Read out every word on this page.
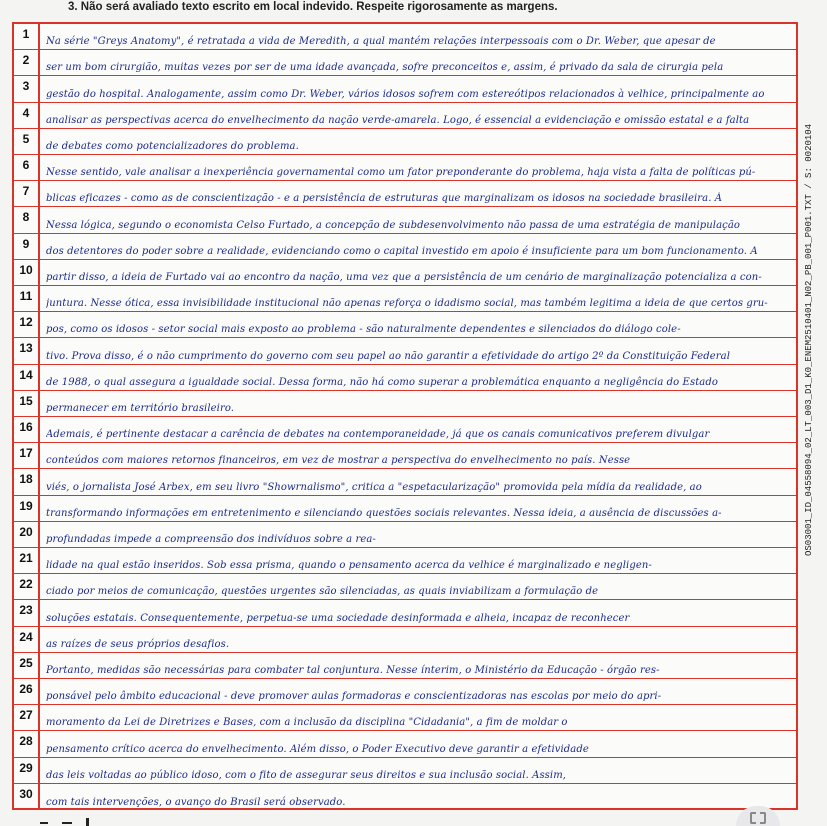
3. Não será avaliado texto escrito em local indevido. Respeite rigorosamente as margens.
1
Na série "Greys Anatomy", é retratada a vida de Meredith, a qual mantém relações interpessoais com o Dr. Weber, que apesar de
2
ser um bom cirurgião, muitas vezes por ser de uma idade avançada, sofre preconceitos e, assim, é privado da sala de cirurgia pela
3
gestão do hospital. Analogamente, assim como Dr. Weber, vários idosos sofrem com estereótipos relacionados à velhice, principalmente ao
4
analisar as perspectivas acerca do envelhecimento da nação verde-amarela. Logo, é essencial a evidenciação e omissão estatal e a falta
5
de debates como potencializadores do problema.
6
Nesse sentido, vale analisar a inexperiência governamental como um fator preponderante do problema, haja vista a falta de políticas pú-
7
blicas eficazes - como as de conscientização - e a persistência de estruturas que marginalizam os idosos na sociedade brasileira. À
8
Nessa lógica, segundo o economista Celso Furtado, a concepção de subdesenvolvimento não passa de uma estratégia de manipulação
9
dos detentores do poder sobre a realidade, evidenciando como o capital investido em apoio é insuficiente para um bom funcionamento. A
10
partir disso, a ideia de Furtado vai ao encontro da nação, uma vez que a persistência de um cenário de marginalização potencializa a con-
11
juntura. Nesse ótica, essa invisibilidade institucional não apenas reforça o idadismo social, mas também legitima a ideia de que certos gru-
12
pos, como os idosos - setor social mais exposto ao problema - são naturalmente dependentes e silenciados do diálogo cole-
13
tivo. Prova disso, é o não cumprimento do governo com seu papel ao não garantir a efetividade do artigo 2º da Constituição Federal
14
de 1988, o qual assegura a igualdade social. Dessa forma, não há como superar a problemática enquanto a negligência do Estado
15
permanecer em território brasileiro.
16
Ademais, é pertinente destacar a carência de debates na contemporaneidade, já que os canais comunicativos preferem divulgar
17
conteúdos com maiores retornos financeiros, em vez de mostrar a perspectiva do envelhecimento no país. Nesse
18
viés, o jornalista José Arbex, em seu livro "Showrnalismo", critica a "espetacularização" promovida pela mídia da realidade, ao
19
transformando informações em entretenimento e silenciando questões sociais relevantes. Nessa ideia, a ausência de discussões a-
20
profundadas impede a compreensão dos indivíduos sobre a rea-
21
lidade na qual estão inseridos. Sob essa prisma, quando o pensamento acerca da velhice é marginalizado e negligen-
22
ciado por meios de comunicação, questões urgentes são silenciadas, as quais inviabilizam a formulação de
23
soluções estatais. Consequentemente, perpetua-se uma sociedade desinformada e alheia, incapaz de reconhecer
24
as raízes de seus próprios desafios.
25
Portanto, medidas são necessárias para combater tal conjuntura. Nesse ínterim, o Ministério da Educação - órgão res-
26
ponsável pelo âmbito educacional - deve promover aulas formadoras e conscientizadoras nas escolas por meio do apri-
27
moramento da Lei de Diretrizes e Bases, com a inclusão da disciplina "Cidadania", a fim de moldar o
28
pensamento crítico acerca do envelhecimento. Além disso, o Poder Executivo deve garantir a efetividade
29
das leis voltadas ao público idoso, com o fito de assegurar seus direitos e sua inclusão social. Assim,
30
com tais intervenções, o avanço do Brasil será observado.
OS03001_ID_04558094_02_LT_003_D1_K0_ENEM2510401_N02_PB_001_P001.TXT / S: 0020104
